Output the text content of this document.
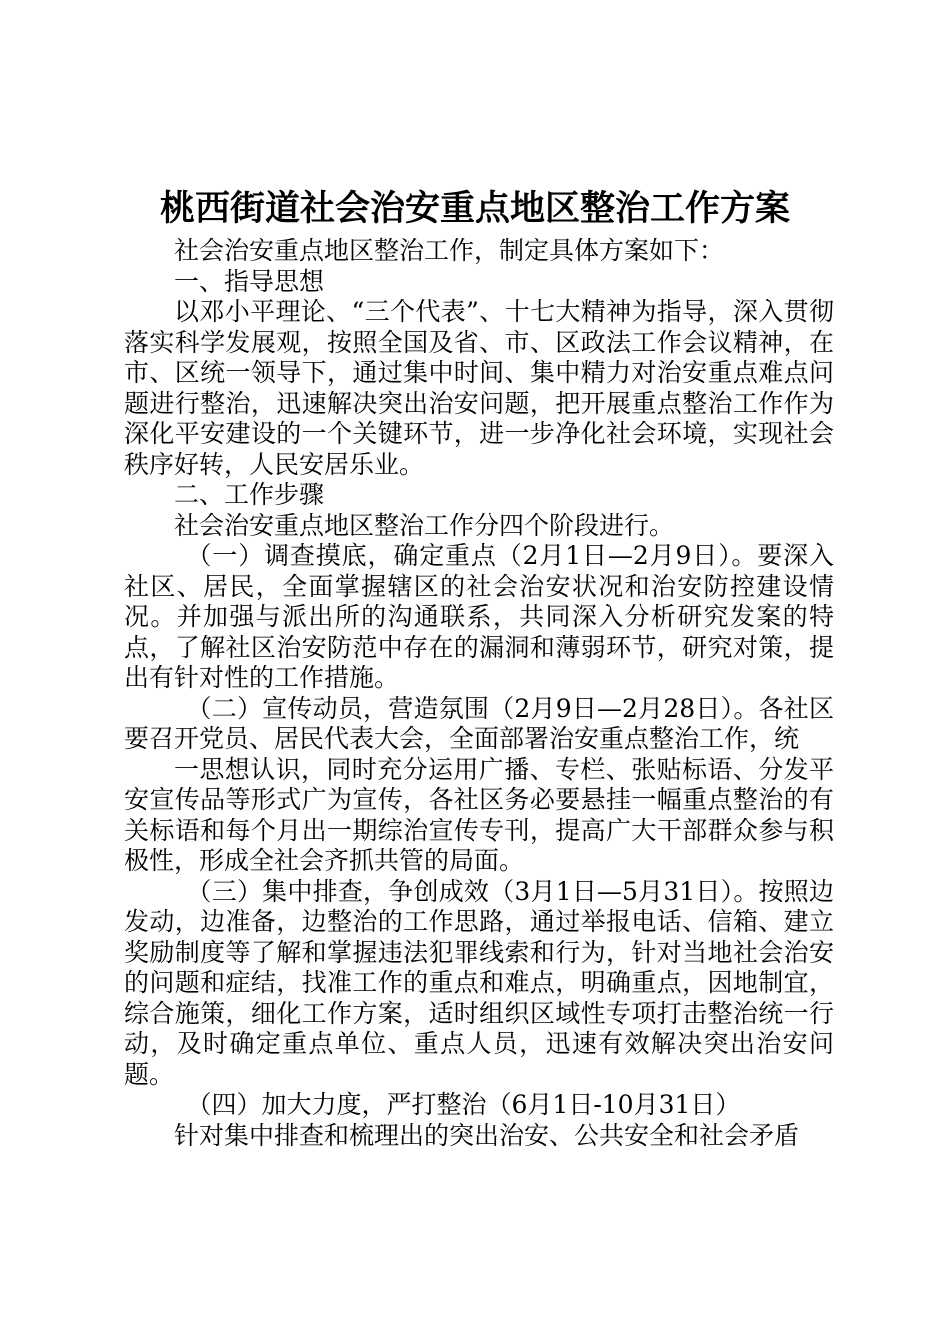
桃西街道社会治安重点地区整治工作方案

社会治安重点地区整治工作，制定具体方案如下：

一、指导思想

以邓小平理论、“三个代表”、十七大精神为指导，深入贯彻落实科学发展观，按照全国及省、市、区政法工作会议精神，在市、区统一领导下，通过集中时间、集中精力对治安重点难点问题进行整治，迅速解决突出治安问题，把开展重点整治工作作为深化平安建设的一个关键环节，进一步净化社会环境，实现社会秩序好转，人民安居乐业。

二、工作步骤

社会治安重点地区整治工作分四个阶段进行。

（一）调查摸底，确定重点（2月1日—2月9日）。要深入社区、居民，全面掌握辖区的社会治安状况和治安防控建设情况。并加强与派出所的沟通联系，共同深入分析研究发案的特点，了解社区治安防范中存在的漏洞和薄弱环节，研究对策，提出有针对性的工作措施。

（二）宣传动员，营造氛围（2月9日—2月28日）。各社区要召开党员、居民代表大会，全面部署治安重点整治工作，统

一思想认识，同时充分运用广播、专栏、张贴标语、分发平安宣传品等形式广为宣传，各社区务必要悬挂一幅重点整治的有关标语和每个月出一期综治宣传专刊，提高广大干部群众参与积极性，形成全社会齐抓共管的局面。

（三）集中排查，争创成效（3月1日—5月31日）。按照边发动，边准备，边整治的工作思路，通过举报电话、信箱、建立奖励制度等了解和掌握违法犯罪线索和行为，针对当地社会治安的问题和症结，找准工作的重点和难点，明确重点，因地制宜，综合施策，细化工作方案，适时组织区域性专项打击整治统一行动，及时确定重点单位、重点人员，迅速有效解决突出治安问题。

（四）加大力度，严打整治（6月1日-10月31日）

针对集中排查和梳理出的突出治安、公共安全和社会矛盾
